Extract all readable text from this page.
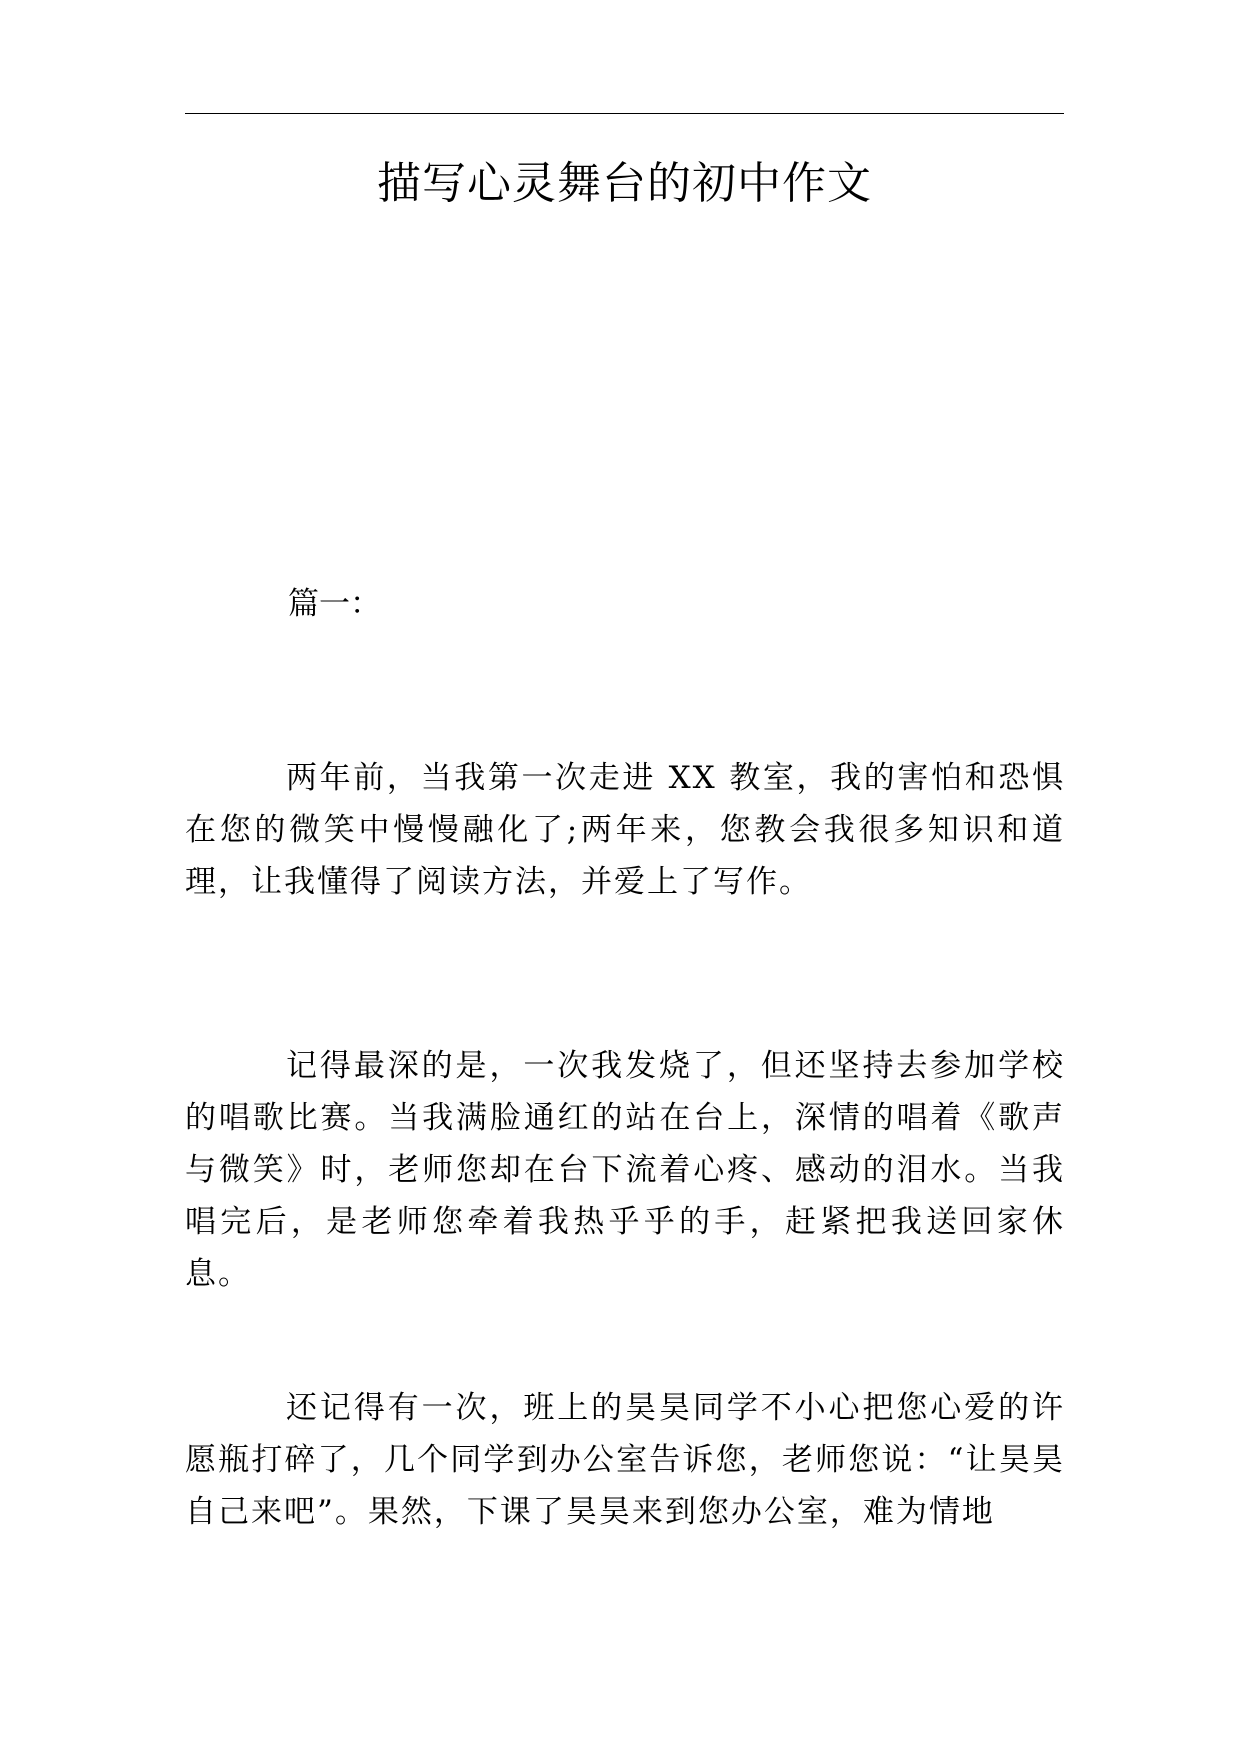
描写心灵舞台的初中作文

篇一：

两年前，当我第一次走进 XX 教室，我的害怕和恐惧在您的微笑中慢慢融化了;两年来，您教会我很多知识和道理，让我懂得了阅读方法，并爱上了写作。

记得最深的是，一次我发烧了，但还坚持去参加学校的唱歌比赛。当我满脸通红的站在台上，深情的唱着《歌声与微笑》时，老师您却在台下流着心疼、感动的泪水。当我唱完后，是老师您牵着我热乎乎的手，赶紧把我送回家休息。

还记得有一次，班上的昊昊同学不小心把您心爱的许愿瓶打碎了，几个同学到办公室告诉您，老师您说：“让昊昊自己来吧”。果然，下课了昊昊来到您办公室，难为情地
